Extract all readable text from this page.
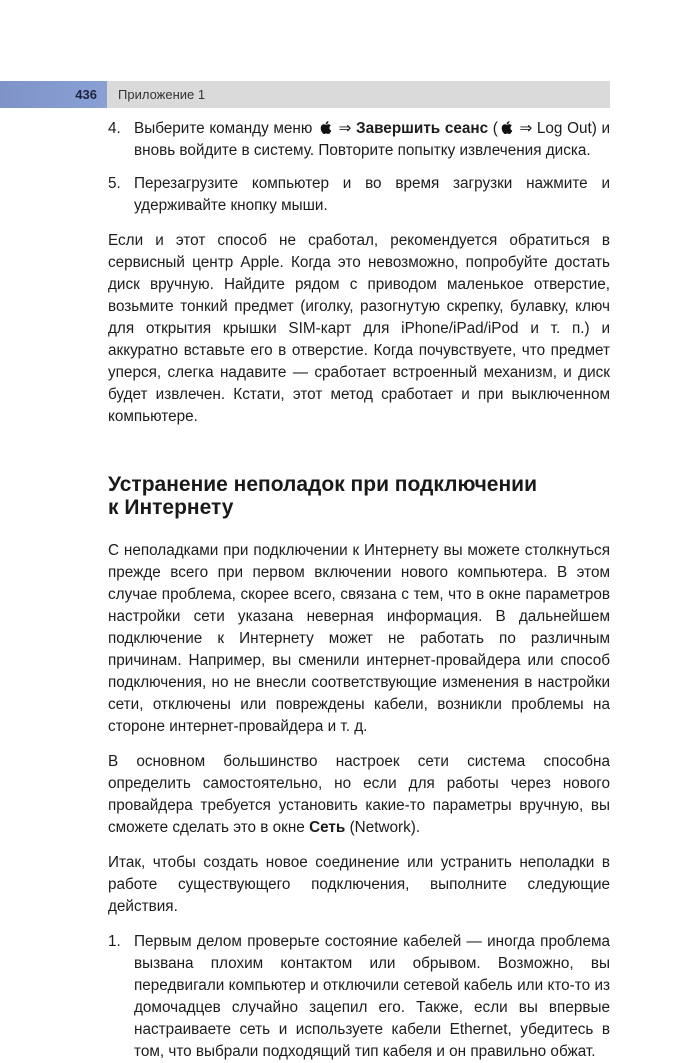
436 Приложение 1
4. Выберите команду меню ⇒ Завершить сеанс ( ⇒ Log Out) и вновь войдите в систему. Повторите попытку извлечения диска.
5. Перезагрузите компьютер и во время загрузки нажмите и удерживайте кнопку мыши.

Если и этот способ не сработал, рекомендуется обратиться в сервисный центр Apple. Когда это невозможно, попробуйте достать диск вручную. Найдите рядом с приводом маленькое отверстие, возьмите тонкий предмет (иголку, разогнутую скрепку, булавку, ключ для открытия крышки SIM-карт для iPhone/iPad/iPod и т. п.) и аккуратно вставьте его в отверстие. Когда почувствуете, что предмет уперся, слегка надавите — сработает встроенный механизм, и диск будет извлечен. Кстати, этот метод сработает и при выключенном компьютере.

Устранение неполадок при подключении
к Интернету

С неполадками при подключении к Интернету вы можете столкнуться прежде всего при первом включении нового компьютера. В этом случае проблема, скорее всего, связана с тем, что в окне параметров настройки сети указана неверная информация. В дальнейшем подключение к Интернету может не работать по различным причинам. Например, вы сменили интернет-провайдера или способ подключения, но не внесли соответствующие изменения в настройки сети, отключены или повреждены кабели, возникли проблемы на стороне интернет-провайдера и т. д.

В основном большинство настроек сети система способна определить самостоятельно, но если для работы через нового провайдера требуется установить какие-то параметры вручную, вы сможете сделать это в окне Сеть (Network).

Итак, чтобы создать новое соединение или устранить неполадки в работе существующего подключения, выполните следующие действия.

1. Первым делом проверьте состояние кабелей — иногда проблема вызвана плохим контактом или обрывом. Возможно, вы передвигали компьютер и отключили сетевой кабель или кто-то из домочадцев случайно зацепил его. Также, если вы впервые настраиваете сеть и используете кабели Ethernet, убедитесь в том, что выбрали подходящий тип кабеля и он правильно обжат.
